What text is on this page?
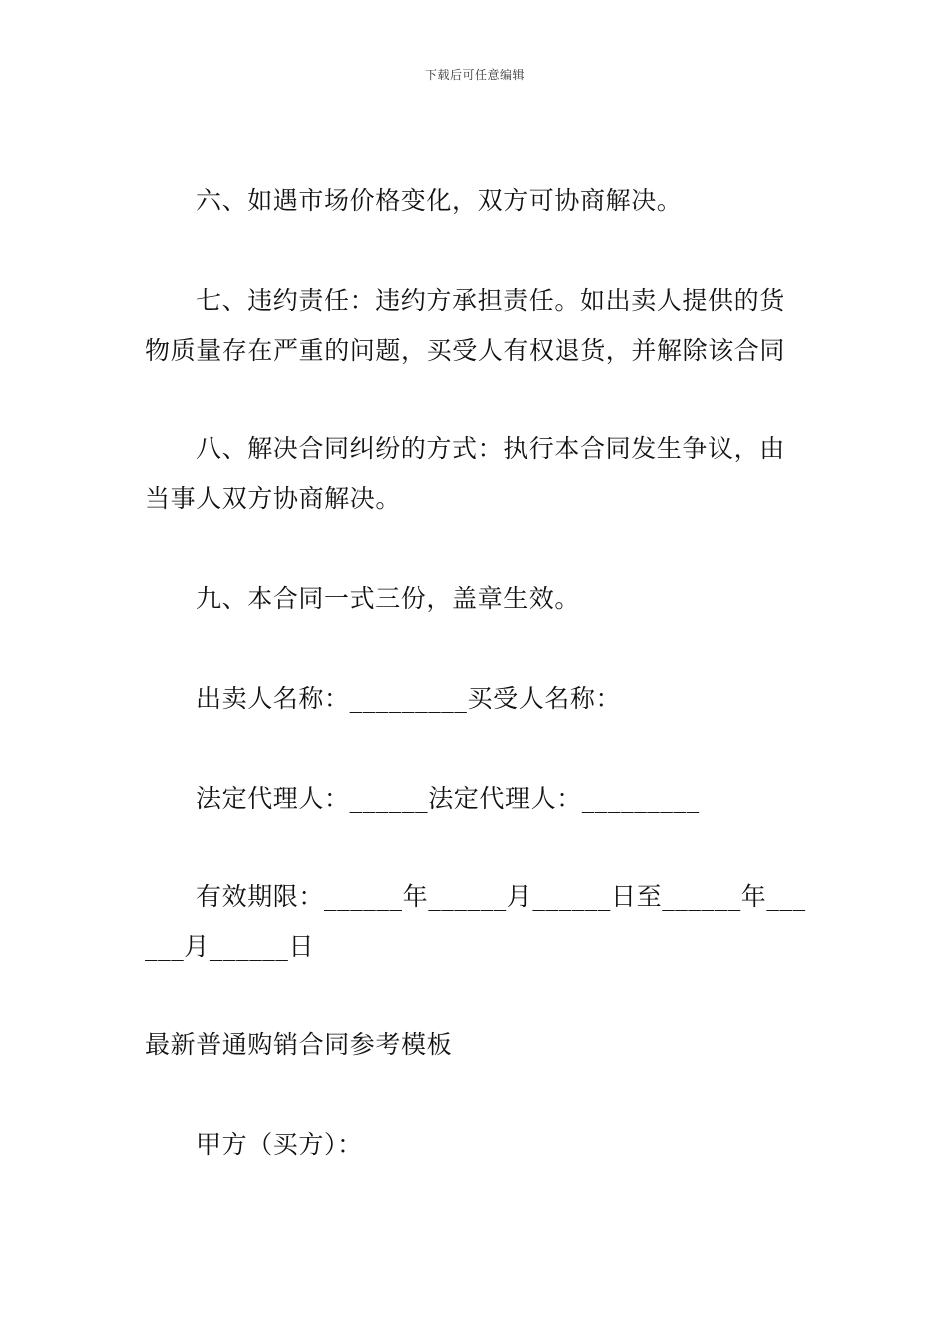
下载后可任意编辑
六、如遇市场价格变化，双方可协商解决。
七、违约责任：违约方承担责任。如出卖人提供的货
物质量存在严重的问题，买受人有权退货，并解除该合同
八、解决合同纠纷的方式：执行本合同发生争议，由
当事人双方协商解决。
九、本合同一式三份，盖章生效。
出卖人名称：_________买受人名称：
法定代理人：______法定代理人：_________
有效期限：______年______月______日至______年___
___月______日
最新普通购销合同参考模板
甲方（买方）：
